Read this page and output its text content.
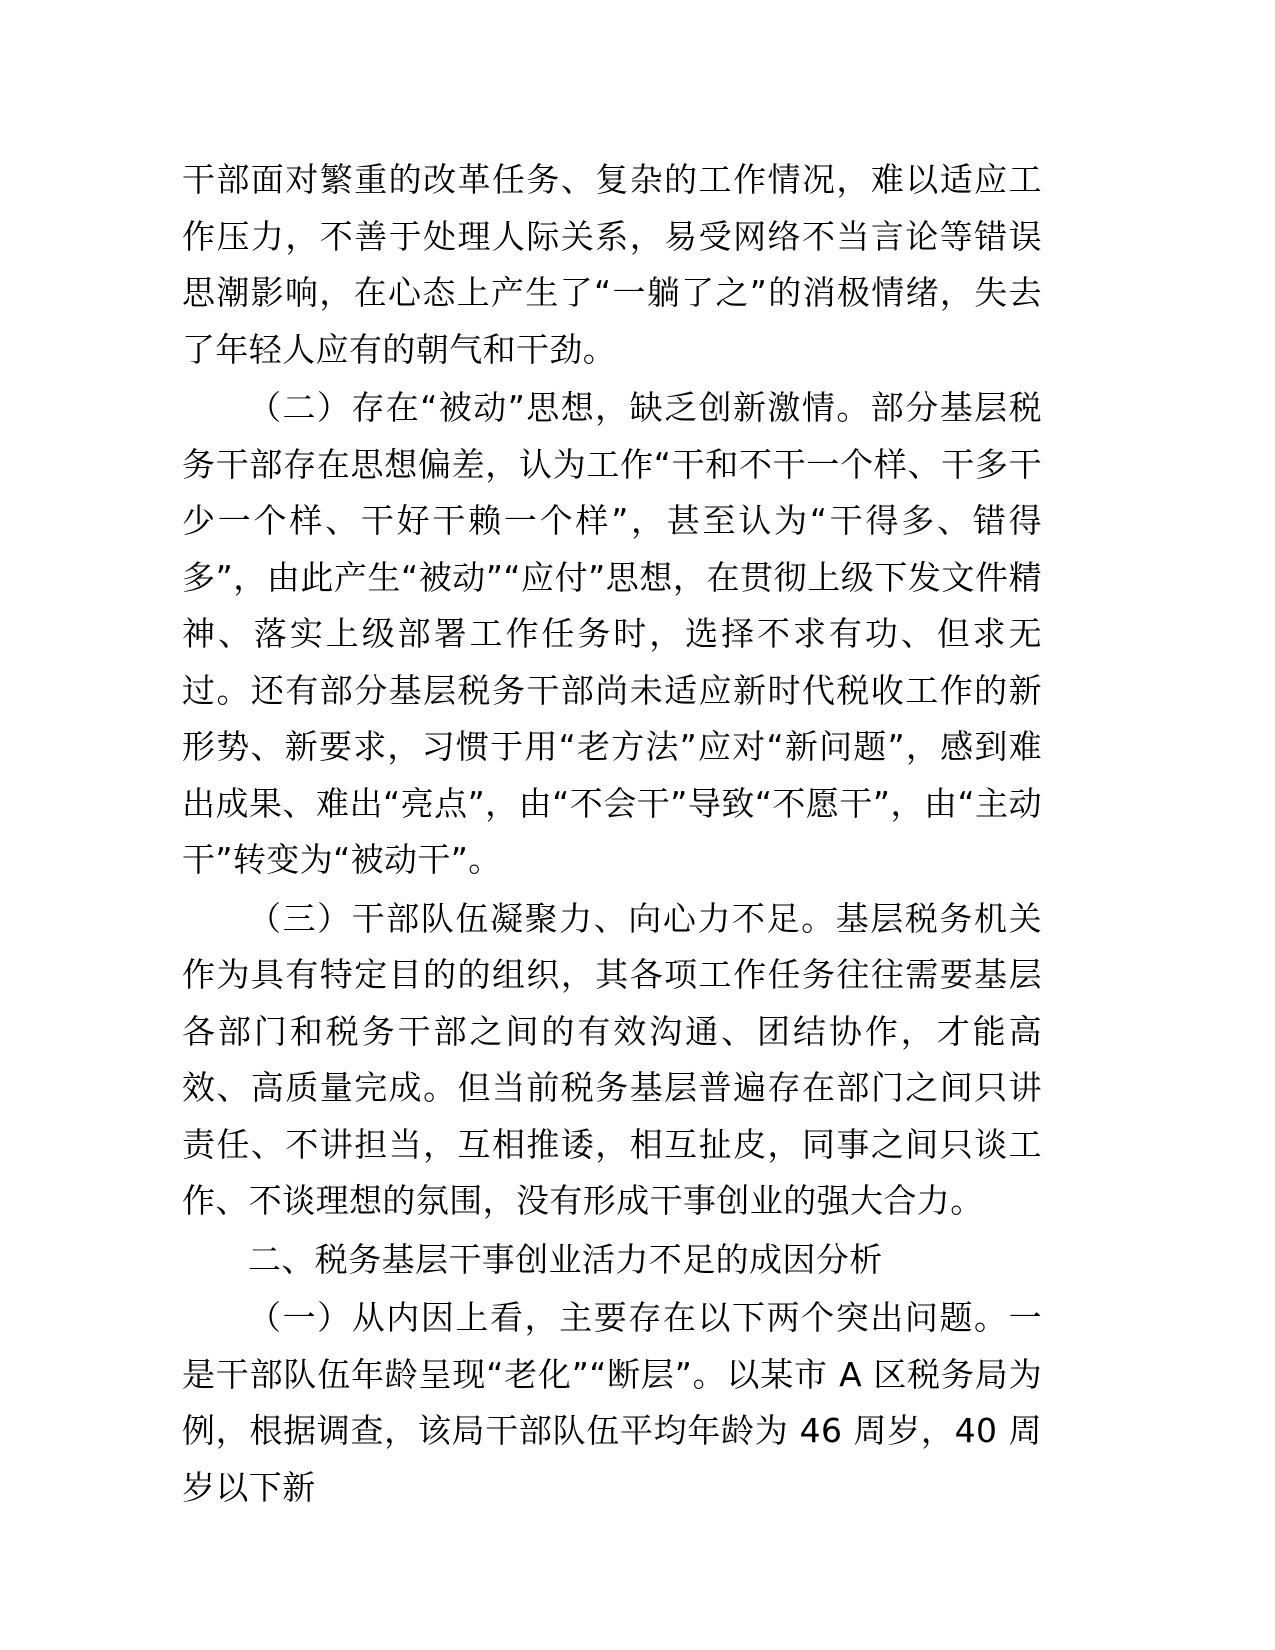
干部面对繁重的改革任务、复杂的工作情况，难以适应工作压力，不善于处理人际关系，易受网络不当言论等错误思潮影响，在心态上产生了“一躺了之”的消极情绪，失去了年轻人应有的朝气和干劲。

（二）存在“被动”思想，缺乏创新激情。部分基层税务干部存在思想偏差，认为工作“干和不干一个样、干多干少一个样、干好干赖一个样”，甚至认为“干得多、错得多”，由此产生“被动”“应付”思想，在贯彻上级下发文件精神、落实上级部署工作任务时，选择不求有功、但求无过。还有部分基层税务干部尚未适应新时代税收工作的新形势、新要求，习惯于用“老方法”应对“新问题”，感到难出成果、难出“亮点”，由“不会干”导致“不愿干”，由“主动干”转变为“被动干”。

（三）干部队伍凝聚力、向心力不足。基层税务机关作为具有特定目的的组织，其各项工作任务往往需要基层各部门和税务干部之间的有效沟通、团结协作，才能高效、高质量完成。但当前税务基层普遍存在部门之间只讲责任、不讲担当，互相推诿，相互扯皮，同事之间只谈工作、不谈理想的氛围，没有形成干事创业的强大合力。

二、税务基层干事创业活力不足的成因分析

（一）从内因上看，主要存在以下两个突出问题。一是干部队伍年龄呈现“老化”“断层”。以某市 A 区税务局为例，根据调查，该局干部队伍平均年龄为 46 周岁，40 周岁以下新
